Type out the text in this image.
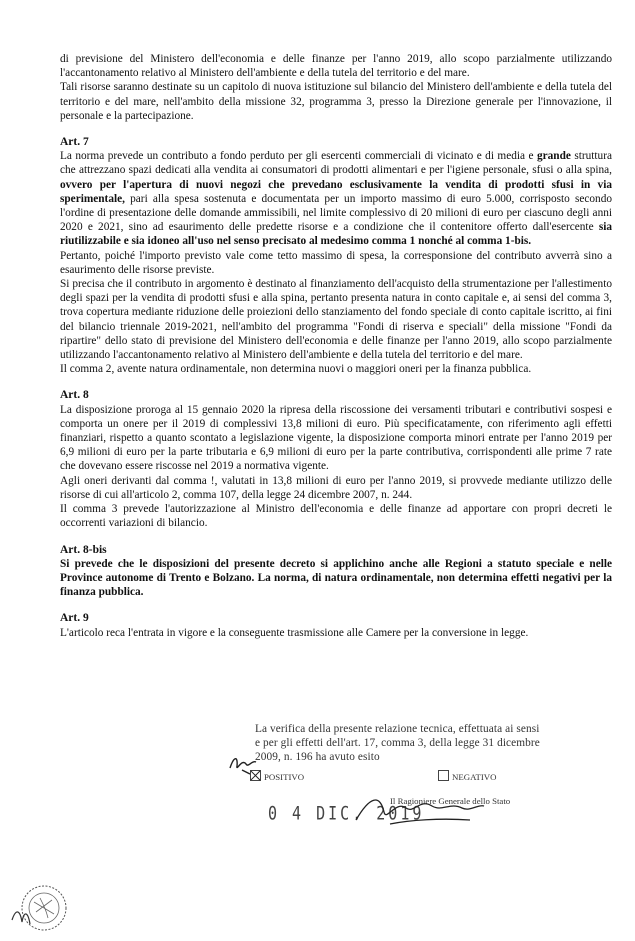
di previsione del Ministero dell'economia e delle finanze per l'anno 2019, allo scopo parzialmente utilizzando l'accantonamento relativo al Ministero dell'ambiente e della tutela del territorio e del mare.

Tali risorse saranno destinate su un capitolo di nuova istituzione sul bilancio del Ministero dell'ambiente e della tutela del territorio e del mare, nell'ambito della missione 32, programma 3, presso la Direzione generale per l'innovazione, il personale e la partecipazione.

Art. 7

La norma prevede un contributo a fondo perduto per gli esercenti commerciali di vicinato e di media e grande struttura che attrezzano spazi dedicati alla vendita ai consumatori di prodotti alimentari e per l'igiene personale, sfusi o alla spina, ovvero per l'apertura di nuovi negozi che prevedano esclusivamente la vendita di prodotti sfusi in via sperimentale, pari alla spesa sostenuta e documentata per un importo massimo di euro 5.000, corrisposto secondo l'ordine di presentazione delle domande ammissibili, nel limite complessivo di 20 milioni di euro per ciascuno degli anni 2020 e 2021, sino ad esaurimento delle predette risorse e a condizione che il contenitore offerto dall'esercente sia riutilizzabile e sia idoneo all'uso nel senso precisato al medesimo comma 1 nonché al comma 1-bis.

Pertanto, poiché l'importo previsto vale come tetto massimo di spesa, la corresponsione del contributo avverrà sino a esaurimento delle risorse previste.

Si precisa che il contributo in argomento è destinato al finanziamento dell'acquisto della strumentazione per l'allestimento degli spazi per la vendita di prodotti sfusi e alla spina, pertanto presenta natura in conto capitale e, ai sensi del comma 3, trova copertura mediante riduzione delle proiezioni dello stanziamento del fondo speciale di conto capitale iscritto, ai fini del bilancio triennale 2019-2021, nell'ambito del programma "Fondi di riserva e speciali" della missione "Fondi da ripartire" dello stato di previsione del Ministero dell'economia e delle finanze per l'anno 2019, allo scopo parzialmente utilizzando l'accantonamento relativo al Ministero dell'ambiente e della tutela del territorio e del mare.

Il comma 2, avente natura ordinamentale, non determina nuovi o maggiori oneri per la finanza pubblica.

Art. 8

La disposizione proroga al 15 gennaio 2020 la ripresa della riscossione dei versamenti tributari e contributivi sospesi e comporta un onere per il 2019 di complessivi 13,8 milioni di euro. Più specificatamente, con riferimento agli effetti finanziari, rispetto a quanto scontato a legislazione vigente, la disposizione comporta minori entrate per l'anno 2019 per 6,9 milioni di euro per la parte tributaria e 6,9 milioni di euro per la parte contributiva, corrispondenti alle prime 7 rate che dovevano essere riscosse nel 2019 a normativa vigente.

Agli oneri derivanti dal comma !, valutati in 13,8 milioni di euro per l'anno 2019, si provvede mediante utilizzo delle risorse di cui all'articolo 2, comma 107, della legge 24 dicembre 2007, n. 244.

Il comma 3 prevede l'autorizzazione al Ministro dell'economia e delle finanze ad apportare con propri decreti le occorrenti variazioni di bilancio.

Art. 8-bis

Si prevede che le disposizioni del presente decreto si applichino anche alle Regioni a statuto speciale e nelle Province autonome di Trento e Bolzano. La norma, di natura ordinamentale, non determina effetti negativi per la finanza pubblica.

Art. 9

L'articolo reca l'entrata in vigore e la conseguente trasmissione alle Camere per la conversione in legge.

La verifica della presente relazione tecnica, effettuata ai sensi e per gli effetti dell'art. 17, comma 3, della legge 31 dicembre 2009, n. 196 ha avuto esito

POSITIVO	NEGATIVO
0 4 DIC. 2019
Il Ragioniere Generale dello Stato
